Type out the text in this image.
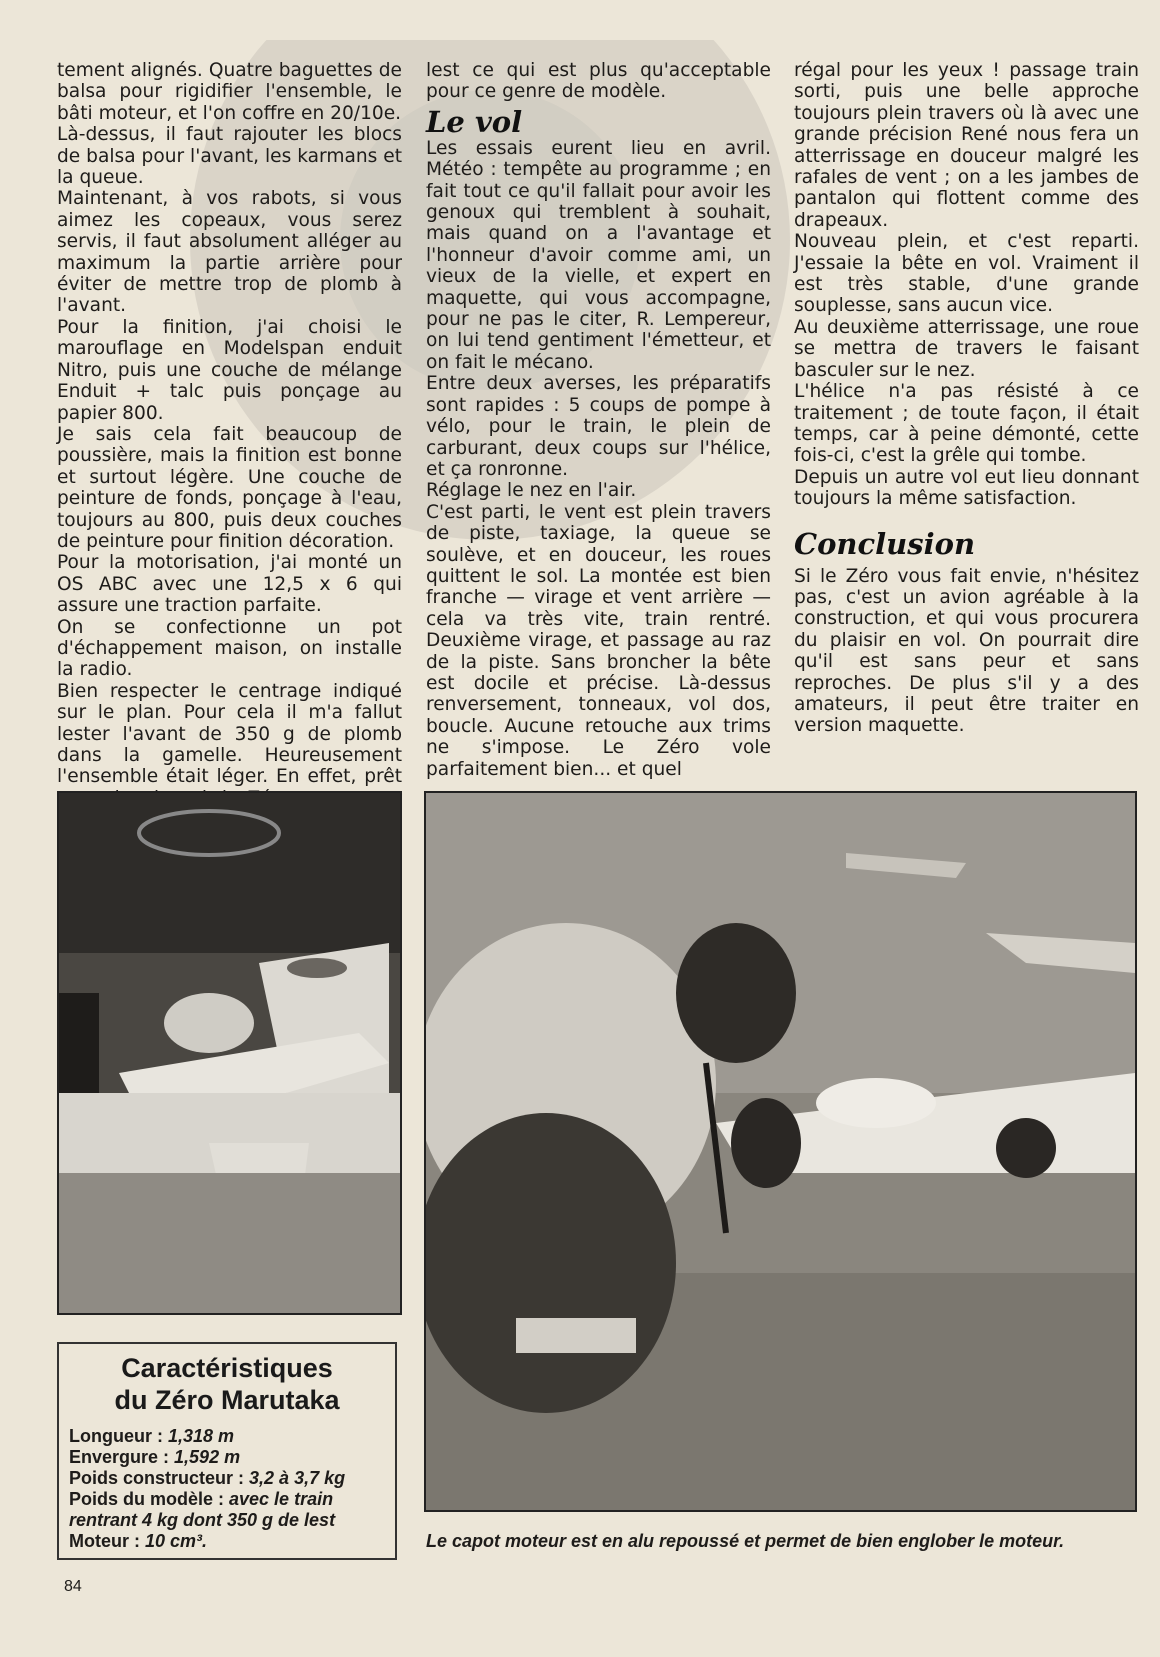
tement alignés. Quatre baguettes de balsa pour rigidifier l'ensemble, le bâti moteur, et l'on coffre en 20/10e.
Là-dessus, il faut rajouter les blocs de balsa pour l'avant, les karmans et la queue.
Maintenant, à vos rabots, si vous aimez les copeaux, vous serez servis, il faut absolument alléger au maximum la partie arrière pour éviter de mettre trop de plomb à l'avant.
Pour la finition, j'ai choisi le marouflage en Modelspan enduit Nitro, puis une couche de mélange Enduit + talc puis ponçage au papier 800.
Je sais cela fait beaucoup de poussière, mais la finition est bonne et surtout légère. Une couche de peinture de fonds, ponçage à l'eau, toujours au 800, puis deux couches de peinture pour finition décoration.
Pour la motorisation, j'ai monté un OS ABC avec une 12,5 x 6 qui assure une traction parfaite.
On se confectionne un pot d'échappement maison, on installe la radio.
Bien respecter le centrage indiqué sur le plan. Pour cela il m'a fallut lester l'avant de 350 g de plomb dans la gamelle. Heureusement l'ensemble était léger. En effet, prêt

lest ce qui est plus qu'acceptable pour ce genre de modèle.

Le vol

Les essais eurent lieu en avril. Météo : tempête au programme ; en fait tout ce qu'il fallait pour avoir les genoux qui tremblent à souhait, mais quand on a l'avantage et l'honneur d'avoir comme ami, un vieux de la vielle, et expert en maquette, qui vous accompagne, pour ne pas le citer, R. Lempereur, on lui tend gentiment l'émetteur, et on fait le mécano.
Entre deux averses, les préparatifs sont rapides : 5 coups de pompe à vélo, pour le train, le plein de carburant, deux coups sur l'hélice, et ça ronronne.
Réglage le nez en l'air.
C'est parti, le vent est plein travers de piste, taxiage, la queue se soulève, et en douceur, les roues quittent le sol. La montée est bien franche — virage et vent arrière — cela va très vite, train rentré. Deuxième virage, et passage au raz de la piste. Sans broncher la bête est docile et précise. Là-dessus renversement, tonneaux, vol dos, boucle. Aucune retouche aux trims ne s'impose. Le Zéro vole parfaitement bien... et quel

régal pour les yeux ! passage train sorti, puis une belle approche toujours plein travers où là avec une grande précision René nous fera un atterrissage en douceur malgré les rafales de vent ; on a les jambes de pantalon qui flottent comme des drapeaux.
Nouveau plein, et c'est reparti. J'essaie la bête en vol. Vraiment il est très stable, d'une grande souplesse, sans aucun vice.
Au deuxième atterrissage, une roue se mettra de travers le faisant basculer sur le nez.
L'hélice n'a pas résisté à ce traitement ; de toute façon, il était temps, car à peine démonté, cette fois-ci, c'est la grêle qui tombe.
Depuis un autre vol eut lieu donnant toujours la même satisfaction.

Conclusion

Si le Zéro vous fait envie, n'hésitez pas, c'est un avion agréable à la construction, et qui vous procurera du plaisir en vol. On pourrait dire qu'il est sans peur et sans reproches. De plus s'il y a des amateurs, il peut être traiter en version maquette.

Caractéristiques
du Zéro Marutaka
Longueur : 1,318 m
Envergure : 1,592 m
Poids constructeur : 3,2 à 3,7 kg
Poids du modèle : avec le train rentrant 4 kg dont 350 g de lest
Moteur : 10 cm³.	Le capot moteur est en alu repoussé et permet de bien englober le moteur.
84
